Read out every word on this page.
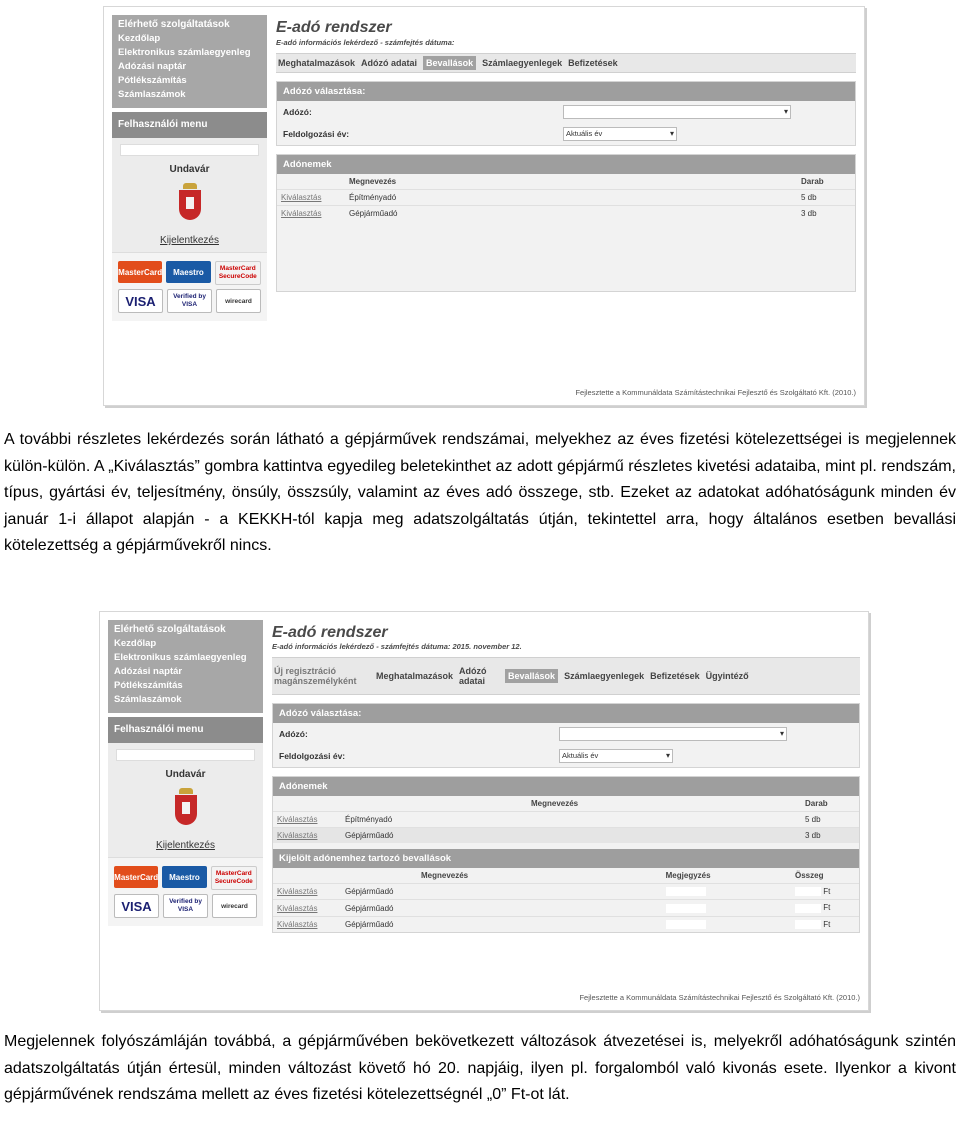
Elérhető szolgáltatások
Kezdőlap
Elektronikus számlaegyenleg
Adózási naptár
Pótlékszámítás
Számlaszámok
Felhasználói menu
Undavár
Kijelentkezés
MasterCard	Maestro	MasterCard
SecureCode
VISA	Verified by
VISA	wirecard
E-adó rendszer
E-adó információs lekérdező - számfejtés dátuma:
Meghatalmazások Adózó adatai	Bevallások	Számlaegyenlegek Befizetések
Adózó választása:
Adózó:
▾
Feldolgozási év:	Aktuális év ▾
Adónemek
	Megnevezés	Darab
Kiválasztás	Építményadó	5 db
Kiválasztás	Gépjárműadó	3 db
Fejlesztette a Kommunáldata Számítástechnikai Fejlesztő és Szolgáltató Kft. (2010.)
A további részletes lekérdezés során látható a gépjárművek rendszámai, melyekhez az éves fizetési kötelezettségei is megjelennek külön-külön. A „Kiválasztás” gombra kattintva egyedileg beletekinthet az adott gépjármű részletes kivetési adataiba, mint pl. rendszám, típus, gyártási év, teljesítmény, önsúly, összsúly, valamint az éves adó összege, stb. Ezeket az adatokat adóhatóságunk minden év január 1-i állapot alapján - a KEKKH-tól kapja meg adatszolgáltatás útján, tekintettel arra, hogy általános esetben bevallási kötelezettség a gépjárművekről nincs.
Elérhető szolgáltatások
Kezdőlap
Elektronikus számlaegyenleg
Adózási naptár
Pótlékszámítás
Számlaszámok
Felhasználói menu
Undavár
Kijelentkezés
MasterCard	Maestro	MasterCard
SecureCode
VISA	Verified by
VISA	wirecard
E-adó rendszer
E-adó információs lekérdező - számfejtés dátuma: 2015. november 12.
Új regisztráció magánszemélyként	Meghatalmazások Adózó adatai	Bevallások	Számlaegyenlegek Befizetések Ügyintéző
Adózó választása:
Adózó:
▾
Feldolgozási év:	Aktuális év ▾
Adónemek
	Megnevezés	Darab
Kiválasztás	Építményadó	5 db
Kiválasztás	Gépjárműadó	3 db
Kijelölt adónemhez tartozó bevallások
	Megnevezés	Megjegyzés	Összeg
Kiválasztás	Gépjárműadó		Ft
Kiválasztás	Gépjárműadó		Ft
Kiválasztás	Gépjárműadó		Ft
Fejlesztette a Kommunáldata Számítástechnikai Fejlesztő és Szolgáltató Kft. (2010.)
Megjelennek folyószámláján továbbá, a gépjárművében bekövetkezett változások átvezetései is, melyekről adóhatóságunk szintén adatszolgáltatás útján értesül, minden változást követő hó 20. napjáig, ilyen pl. forgalomból való kivonás esete. Ilyenkor a kivont gépjárművének rendszáma mellett az éves fizetési kötelezettségnél „0” Ft-ot lát.
